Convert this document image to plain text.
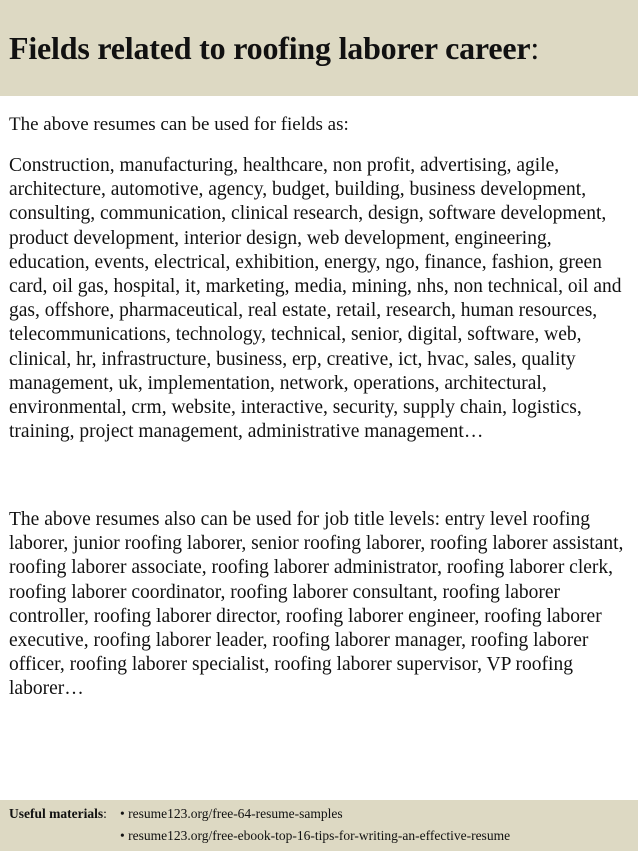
Fields related to roofing laborer career:

The above resumes can be used for fields as:

Construction, manufacturing, healthcare, non profit, advertising, agile, architecture, automotive, agency, budget, building, business development, consulting, communication, clinical research, design, software development, product development, interior design, web development, engineering, education, events, electrical, exhibition, energy, ngo, finance, fashion, green card, oil gas, hospital, it, marketing, media, mining, nhs, non technical, oil and gas, offshore, pharmaceutical, real estate, retail, research, human resources, telecommunications, technology, technical, senior, digital, software, web, clinical, hr, infrastructure, business, erp, creative, ict, hvac, sales, quality management, uk, implementation, network, operations, architectural, environmental, crm, website, interactive, security, supply chain, logistics, training, project management, administrative management…

The above resumes also can be used for job title levels: entry level roofing laborer, junior roofing laborer, senior roofing laborer, roofing laborer assistant, roofing laborer associate, roofing laborer administrator, roofing laborer clerk, roofing laborer coordinator, roofing laborer consultant, roofing laborer controller, roofing laborer director, roofing laborer engineer, roofing laborer executive, roofing laborer leader, roofing laborer manager, roofing laborer officer, roofing laborer specialist, roofing laborer supervisor, VP roofing laborer…

Useful materials: • resume123.org/free-64-resume-samples
• resume123.org/free-ebook-top-16-tips-for-writing-an-effective-resume
